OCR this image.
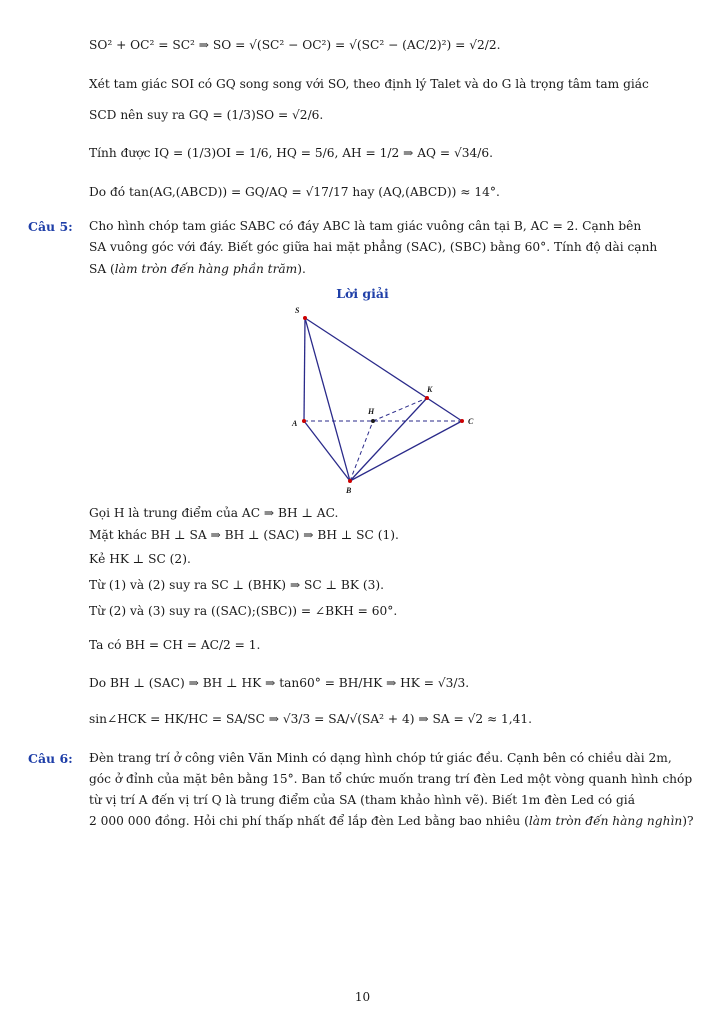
SO² + OC² = SC² ⇒ SO = √(SC² − OC²) = √(SC² − (AC/2)²) = √2/2.
Xét tam giác SOI có GQ song song với SO, theo định lý Talet và do G là trọng tâm tam giác
SCD nên suy ra GQ = (1/3)SO = √2/6.
Tính được IQ = (1/3)OI = 1/6, HQ = 5/6, AH = 1/2 ⇒ AQ = √34/6.
Do đó tan(AG,(ABCD)) = GQ/AQ = √17/17 hay (AQ,(ABCD)) ≈ 14°.
Câu 5: Cho hình chóp tam giác SABC có đáy ABC là tam giác vuông cân tại B, AC = 2. Cạnh bên
SA vuông góc với đáy. Biết góc giữa hai mặt phẳng (SAC), (SBC) bằng 60°. Tính độ dài cạnh
SA (làm tròn đến hàng phần trăm).
Lời giải
S
A
B
C
H
K
Gọi H là trung điểm của AC ⇒ BH ⊥ AC.
Mặt khác BH ⊥ SA ⇒ BH ⊥ (SAC) ⇒ BH ⊥ SC (1).
Kẻ HK ⊥ SC (2).
Từ (1) và (2) suy ra SC ⊥ (BHK) ⇒ SC ⊥ BK (3).
Từ (2) và (3) suy ra ((SAC);(SBC)) = ∠BKH = 60°.
Ta có BH = CH = AC/2 = 1.
Do BH ⊥ (SAC) ⇒ BH ⊥ HK ⇒ tan60° = BH/HK ⇒ HK = √3/3.
sin∠HCK = HK/HC = SA/SC ⇒ √3/3 = SA/√(SA² + 4) ⇒ SA = √2 ≈ 1,41.
Câu 6: Đèn trang trí ở công viên Văn Minh có dạng hình chóp tứ giác đều. Cạnh bên có chiều dài 2m,
góc ở đỉnh của mặt bên bằng 15°. Ban tổ chức muốn trang trí đèn Led một vòng quanh hình chóp
từ vị trí A đến vị trí Q là trung điểm của SA (tham khảo hình vẽ). Biết 1m đèn Led có giá
2 000 000 đồng. Hỏi chi phí thấp nhất để lắp đèn Led bằng bao nhiêu (làm tròn đến hàng nghìn)?
10
